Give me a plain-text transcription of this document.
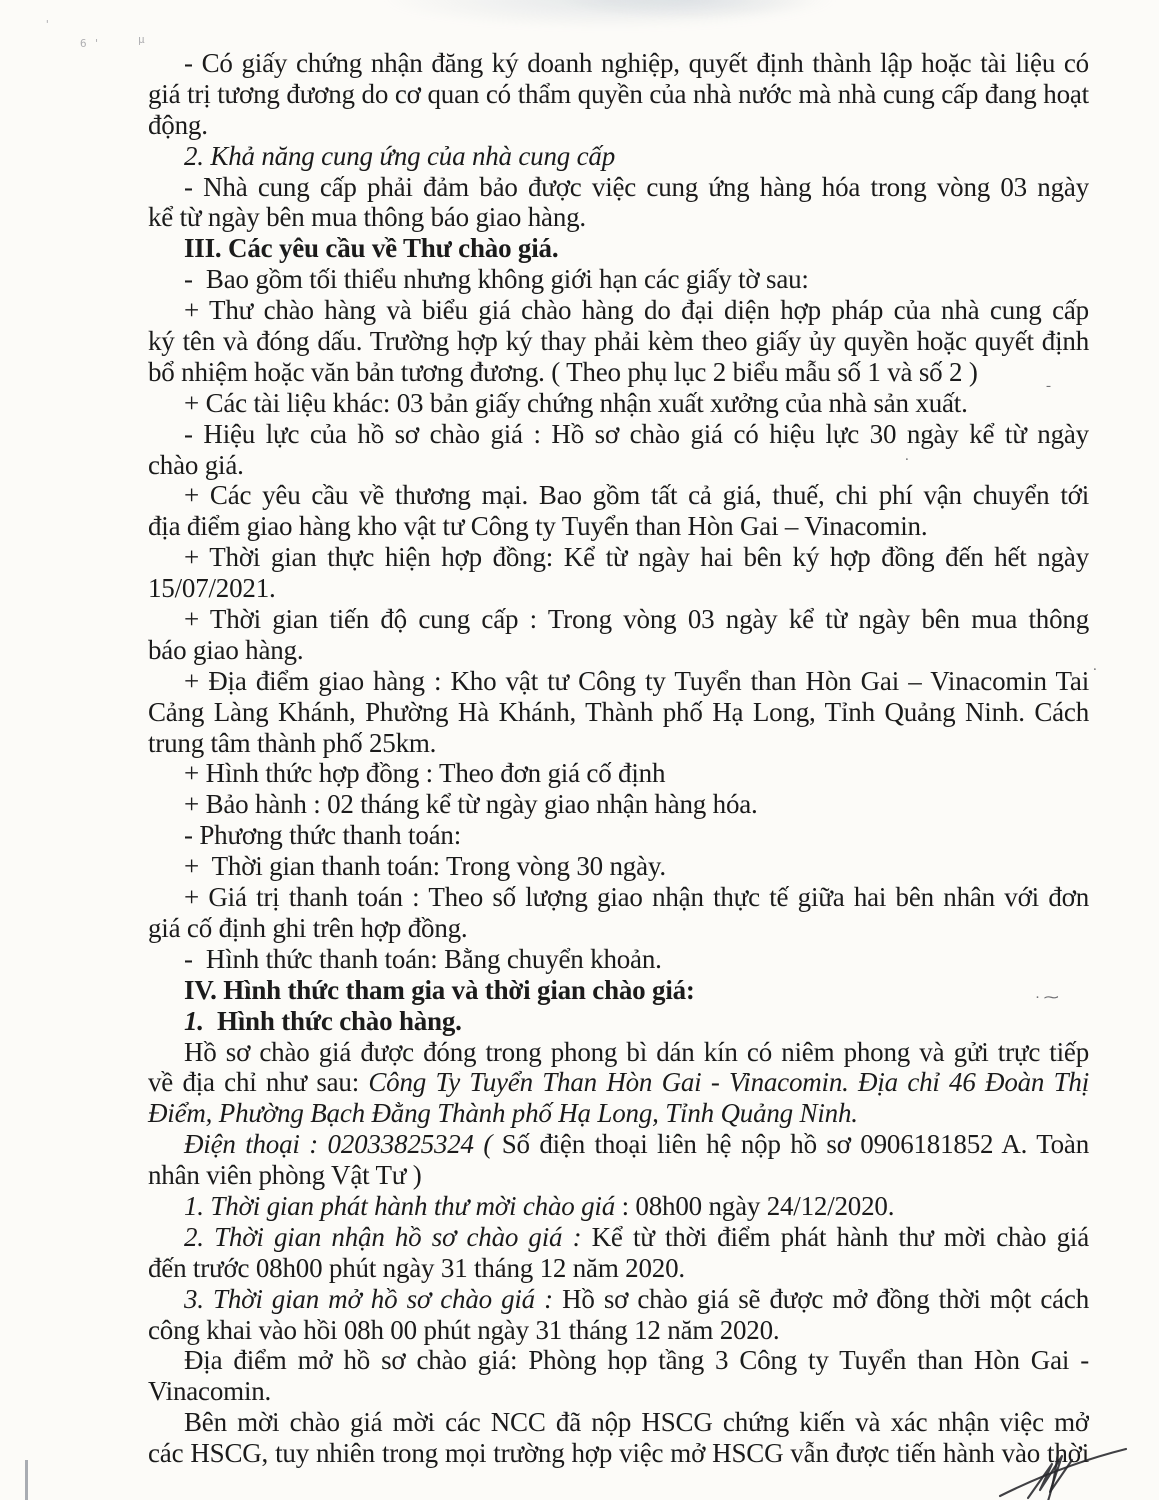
- Có giấy chứng nhận đăng ký doanh nghiệp, quyết định thành lập hoặc tài liệu có
giá trị tương đương do cơ quan có thẩm quyền của nhà nước mà nhà cung cấp đang hoạt
động.
2. Khả năng cung ứng của nhà cung cấp
- Nhà cung cấp phải đảm bảo được việc cung ứng hàng hóa trong vòng 03 ngày
kể từ ngày bên mua thông báo giao hàng.
III. Các yêu cầu về Thư chào giá.
-  Bao gồm tối thiểu nhưng không giới hạn các giấy tờ sau:
+ Thư chào hàng và biểu giá chào hàng do đại diện hợp pháp của nhà cung cấp
ký tên và đóng dấu. Trường hợp ký thay phải kèm theo giấy ủy quyền hoặc quyết định
bổ nhiệm hoặc văn bản tương đương. ( Theo phụ lục 2 biểu mẫu số 1 và số 2 )
+ Các tài liệu khác: 03 bản giấy chứng nhận xuất xưởng của nhà sản xuất.
- Hiệu lực của hồ sơ chào giá : Hồ sơ chào giá có hiệu lực 30 ngày kể từ ngày
chào giá.
+ Các yêu cầu về thương mại. Bao gồm tất cả giá, thuế, chi phí vận chuyển tới
địa điểm giao hàng kho vật tư Công ty Tuyển than Hòn Gai – Vinacomin.
+ Thời gian thực hiện hợp đồng: Kể từ ngày hai bên ký hợp đồng đến hết ngày
15/07/2021.
+ Thời gian tiến độ cung cấp : Trong vòng 03 ngày kể từ ngày bên mua thông
báo giao hàng.
+ Địa điểm giao hàng : Kho vật tư Công ty Tuyển than Hòn Gai – Vinacomin Tai
Cảng Làng Khánh, Phường Hà Khánh, Thành phố Hạ Long, Tỉnh Quảng Ninh. Cách
trung tâm thành phố 25km.
+ Hình thức hợp đồng : Theo đơn giá cố định
+ Bảo hành : 02 tháng kể từ ngày giao nhận hàng hóa.
- Phương thức thanh toán:
+  Thời gian thanh toán: Trong vòng 30 ngày.
+ Giá trị thanh toán : Theo số lượng giao nhận thực tế giữa hai bên nhân với đơn
giá cố định ghi trên hợp đồng.
-  Hình thức thanh toán: Bằng chuyển khoản.
IV. Hình thức tham gia và thời gian chào giá:
1.  Hình thức chào hàng.
Hồ sơ chào giá được đóng trong phong bì dán kín có niêm phong và gửi trực tiếp
về địa chỉ như sau: Công Ty Tuyển Than Hòn Gai - Vinacomin. Địa chỉ 46 Đoàn Thị
Điểm, Phường Bạch Đằng Thành phố Hạ Long, Tỉnh Quảng Ninh.
Điện thoại : 02033825324 ( Số điện thoại liên hệ nộp hồ sơ 0906181852 A. Toàn
nhân viên phòng Vật Tư )
1. Thời gian phát hành thư mời chào giá : 08h00 ngày 24/12/2020.
2. Thời gian nhận hồ sơ chào giá : Kể từ thời điểm phát hành thư mời chào giá
đến trước 08h00 phút ngày 31 tháng 12 năm 2020.
3. Thời gian mở hồ sơ chào giá : Hồ sơ chào giá sẽ được mở đồng thời một cách
công khai vào hồi 08h 00 phút ngày 31 tháng 12 năm 2020.
Địa điểm mở hồ sơ chào giá: Phòng họp tầng 3 Công ty Tuyển than Hòn Gai -
Vinacomin.
Bên mời chào giá mời các NCC đã nộp HSCG chứng kiến và xác nhận việc mở
các HSCG, tuy nhiên trong mọi trường hợp việc mở HSCG vẫn được tiến hành vào thời
'
6 '	µ
-
.
· ⁓
.
